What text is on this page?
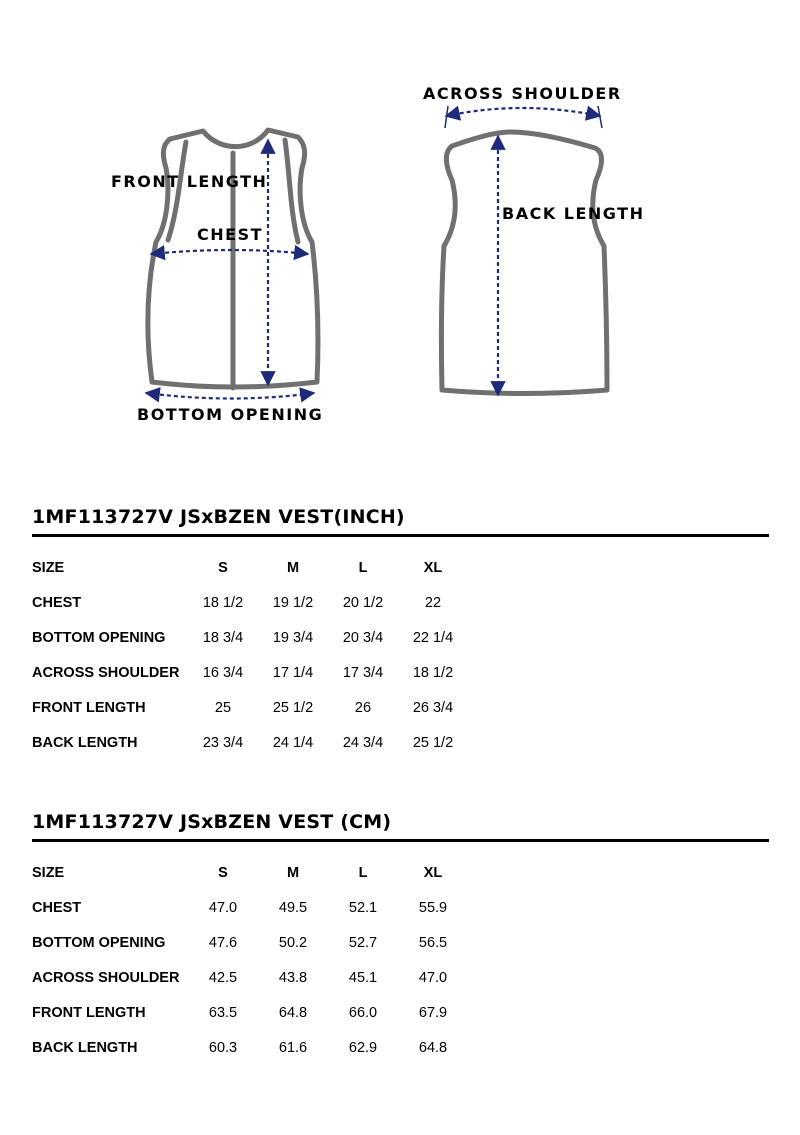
ACROSS SHOULDER
FRONT LENGTH
CHEST
BOTTOM OPENING
BACK LENGTH
1MF113727V JSxBZEN VEST(INCH)
SIZE	S	M	L	XL
CHEST	18 1/2	19 1/2	20 1/2	22
BOTTOM OPENING	18 3/4	19 3/4	20 3/4	22 1/4
ACROSS SHOULDER	16 3/4	17 1/4	17 3/4	18 1/2
FRONT LENGTH	25	25 1/2	26	26 3/4
BACK LENGTH	23 3/4	24 1/4	24 3/4	25 1/2
1MF113727V JSxBZEN VEST (CM)
SIZE	S	M	L	XL
CHEST	47.0	49.5	52.1	55.9
BOTTOM OPENING	47.6	50.2	52.7	56.5
ACROSS SHOULDER	42.5	43.8	45.1	47.0
FRONT LENGTH	63.5	64.8	66.0	67.9
BACK LENGTH	60.3	61.6	62.9	64.8
